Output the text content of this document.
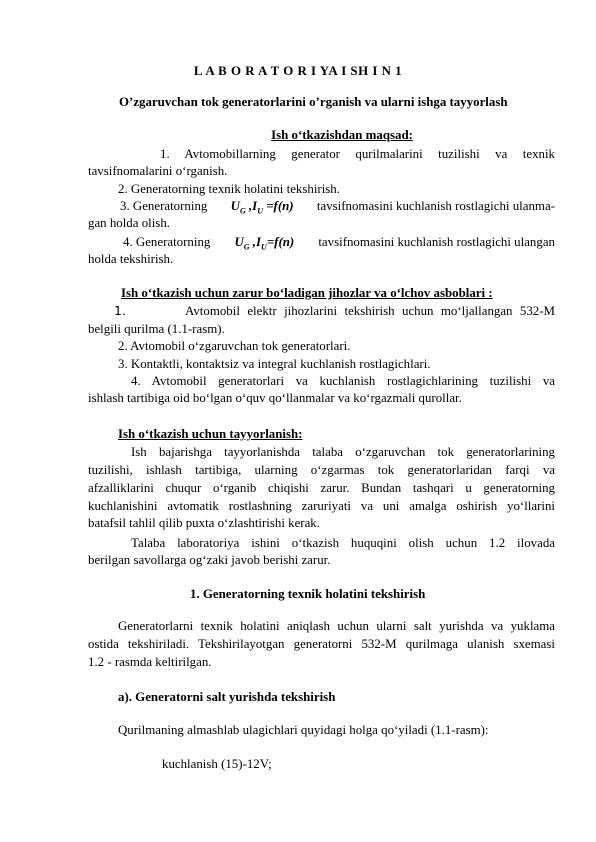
L A B O R A T O R I YA I SH I N 1
O’zgaruvchan tok generatorlarini o’rganish va ularni ishga tayyorlash
Ish o‘tkazishdan maqsad:
1. Avtomobillarning generator qurilmalarini tuzilishi va texnik
tavsifnomalarini o‘rganish.
2. Generatorning texnik holatini tekshirish.
3. Generatorning $U_G$ $,I_U =f(n)$ tavsifnomasini kuchlanish rostlagichi ulanma-
gan holda olish.
4. Generatorning $U_G$ $,I_U=f(n)$ tavsifnomasini kuchlanish rostlagichi ulangan
holda tekshirish.
Ish o‘tkazish uchun zarur bo‘ladigan jihozlar va o‘lchov asboblari :
1.	Avtomobil elektr jihozlarini tekshirish uchun mo‘ljallangan 532-M
belgili qurilma (1.1-rasm).
2. Avtomobil o‘zgaruvchan tok generatorlari.
3. Kontaktli, kontaktsiz va integral kuchlanish rostlagichlari.
4. Avtomobil generatorlari va kuchlanish rostlagichlarining tuzilishi va
ishlash tartibiga oid bo‘lgan o‘quv qo‘llanmalar va ko‘rgazmali qurollar.
Ish o‘tkazish uchun tayyorlanish:
Ish bajarishga tayyorlanishda talaba o‘zgaruvchan tok generatorlarining
tuzilishi, ishlash tartibiga, ularning o‘zgarmas tok generatorlaridan farqi va
afzalliklarini chuqur o‘rganib chiqishi zarur. Bundan tashqari u generatorning
kuchlanishini avtomatik rostlashning zaruriyati va uni amalga oshirish yo‘llarini
batafsil tahlil qilib puxta o‘zlashtirishi kerak.
Talaba laboratoriya ishini o‘tkazish huquqini olish uchun 1.2 ilovada
berilgan savollarga og‘zaki javob berishi zarur.
1. Generatorning texnik holatini tekshirish
Generatorlarni texnik holatini aniqlash uchun ularni salt yurishda va yuklama
ostida tekshiriladi. Tekshirilayotgan generatorni 532-M qurilmaga ulanish sxemasi
1.2 - rasmda keltirilgan.
a). Generatorni salt yurishda tekshirish
Qurilmaning almashlab ulagichlari quyidagi holga qo‘yiladi (1.1-rasm):
kuchlanish (15)-12V;
